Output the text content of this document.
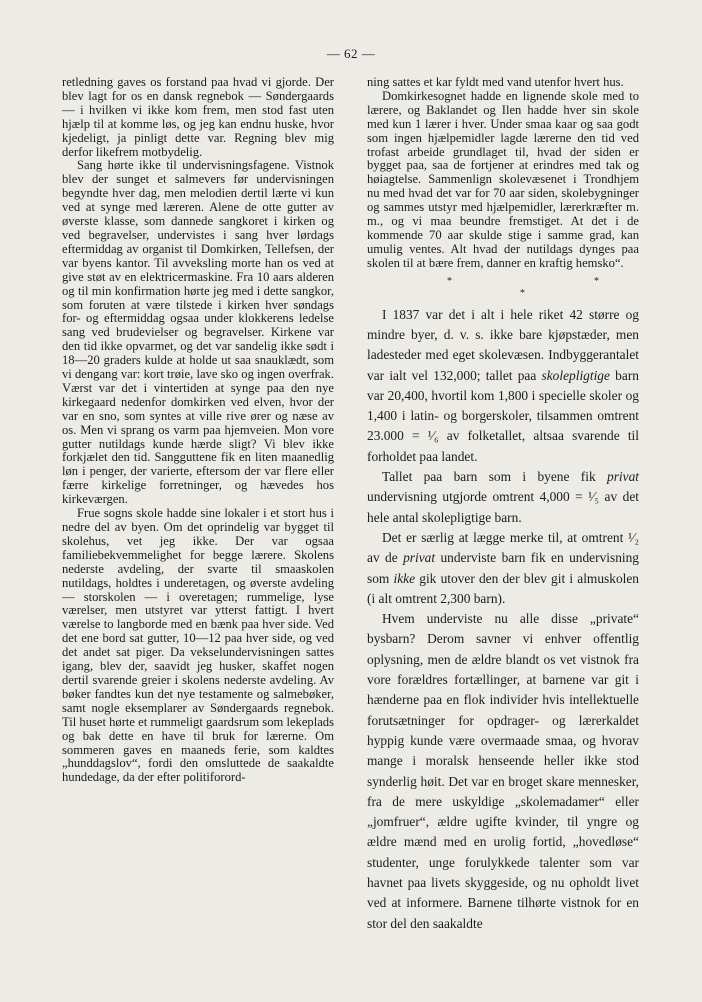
— 62 —

retledning gaves os forstand paa hvad vi gjorde. Der blev lagt for os en dansk regnebok — Søndergaards — i hvilken vi ikke kom frem, men stod fast uten hjælp til at komme løs, og jeg kan endnu huske, hvor kjedeligt, ja pinligt dette var. Regning blev mig derfor likefrem motbydelig.

Sang hørte ikke til undervisningsfagene. Vistnok blev der sunget et salmevers før undervisningen begyndte hver dag, men melodien dertil lærte vi kun ved at synge med læreren. Alene de otte gutter av øverste klasse, som dannede sangkoret i kirken og ved begravelser, undervistes i sang hver lørdags eftermiddag av organist til Domkirken, Tellefsen, der var byens kantor. Til avveksling morte han os ved at give støt av en elektricermaskine. Fra 10 aars alderen og til min konfirmation hørte jeg med i dette sangkor, som foruten at være tilstede i kirken hver søndags for- og eftermiddag ogsaa under klokkerens ledelse sang ved brudevielser og begravelser. Kirkene var den tid ikke opvarmet, og det var sandelig ikke sødt i 18—20 graders kulde at holde ut saa snauklædt, som vi dengang var: kort trøie, lave sko og ingen overfrak. Værst var det i vintertiden at synge paa den nye kirkegaard nedenfor domkirken ved elven, hvor der var en sno, som syntes at ville rive ører og næse av os. Men vi sprang os varm paa hjemveien. Mon vore gutter nutildags kunde hærde sligt? Vi blev ikke forkjælet den tid. Sangguttene fik en liten maanedlig løn i penger, der varierte, eftersom der var flere eller færre kirkelige forretninger, og hævedes hos kirkeværgen.

Frue sogns skole hadde sine lokaler i et stort hus i nedre del av byen. Om det oprindelig var bygget til skolehus, vet jeg ikke. Der var ogsaa familiebekvemmelighet for begge lærere. Skolens nederste avdeling, der svarte til smaaskolen nutildags, holdtes i underetagen, og øverste avdeling — storskolen — i overetagen; rummelige, lyse værelser, men utstyret var ytterst fattigt. I hvert værelse to langborde med en bænk paa hver side. Ved det ene bord sat gutter, 10—12 paa hver side, og ved det andet sat piger. Da vekselundervisningen sattes igang, blev der, saavidt jeg husker, skaffet nogen dertil svarende greier i skolens nederste avdeling. Av bøker fandtes kun det nye testamente og salmebøker, samt nogle eksemplarer av Søndergaards regnebok. Til huset hørte et rummeligt gaardsrum som lekeplads og bak dette en have til bruk for lærerne. Om sommeren gaves en maaneds ferie, som kaldtes „hunddagslov“, fordi den omsluttede de saakaldte hundedage, da der efter politiforord-

ning sattes et kar fyldt med vand utenfor hvert hus.

Domkirkesognet hadde en lignende skole med to lærere, og Baklandet og Ilen hadde hver sin skole med kun 1 lærer i hver. Under smaa kaar og saa godt som ingen hjælpemidler lagde lærerne den tid ved trofast arbeide grundlaget til, hvad der siden er bygget paa, saa de fortjener at erindres med tak og høiagtelse. Sammenlign skolevæsenet i Trondhjem nu med hvad det var for 70 aar siden, skolebygninger og sammes utstyr med hjælpemidler, lærerkræfter m. m., og vi maa beundre fremstiget. At det i de kommende 70 aar skulde stige i samme grad, kan umulig ventes. Alt hvad der nutildags dynges paa skolen til at bære frem, danner en kraftig hemsko“.

*	*
*

I 1837 var det i alt i hele riket 42 større og mindre byer, d. v. s. ikke bare kjøpstæder, men ladesteder med eget skolevæsen. Indbyggerantalet var ialt vel 132,000; tallet paa skolepligtige barn var 20,400, hvortil kom 1,800 i specielle skoler og 1,400 i latin- og borgerskoler, tilsammen omtrent 23.000 = ¹⁄₆ av folketallet, altsaa svarende til forholdet paa landet.

Tallet paa barn som i byene fik privat undervisning utgjorde omtrent 4,000 = ¹⁄₅ av det hele antal skolepligtige barn.

Det er særlig at lægge merke til, at omtrent ¹⁄₂ av de privat underviste barn fik en undervisning som ikke gik utover den der blev git i almuskolen (i alt omtrent 2,300 barn).

Hvem underviste nu alle disse „private“ bysbarn? Derom savner vi enhver offentlig oplysning, men de ældre blandt os vet vistnok fra vore forældres fortællinger, at barnene var git i hænderne paa en flok individer hvis intellektuelle forutsætninger for opdrager- og lærerkaldet hyppig kunde være overmaade smaa, og hvorav mange i moralsk henseende heller ikke stod synderlig høit. Det var en broget skare mennesker, fra de mere uskyldige „skolemadamer“ eller „jomfruer“, ældre ugifte kvinder, til yngre og ældre mænd med en urolig fortid, „hovedløse“ studenter, unge forulykkede talenter som var havnet paa livets skyggeside, og nu opholdt livet ved at informere. Barnene tilhørte vistnok for en stor del den saakaldte
